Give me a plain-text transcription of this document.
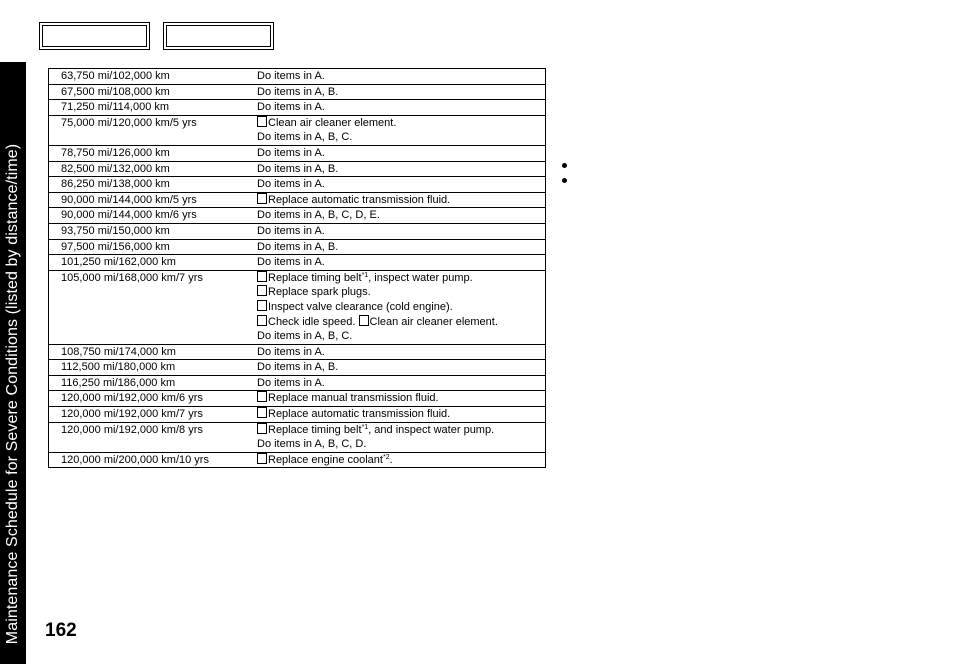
Maintenance Schedule for Severe Conditions (listed by distance/time)
63,750 mi/102,000 km	Do items in A.

67,500 mi/108,000 km	Do items in A, B.

71,250 mi/114,000 km	Do items in A.

75,000 mi/120,000 km/5 yrs	Clean air cleaner element.
Do items in A, B, C.

78,750 mi/126,000 km	Do items in A.

82,500 mi/132,000 km	Do items in A, B.

86,250 mi/138,000 km	Do items in A.

90,000 mi/144,000 km/5 yrs	Replace automatic transmission fluid.

90,000 mi/144,000 km/6 yrs	Do items in A, B, C, D, E.

93,750 mi/150,000 km	Do items in A.

97,500 mi/156,000 km	Do items in A, B.

101,250 mi/162,000 km	Do items in A.

105,000 mi/168,000 km/7 yrs	Replace timing belt$^{*1}$, inspect water pump.
Replace spark plugs.
Inspect valve clearance (cold engine).
Check idle speed. Clean air cleaner element.
Do items in A, B, C.

108,750 mi/174,000 km	Do items in A.

112,500 mi/180,000 km	Do items in A, B.

116,250 mi/186,000 km	Do items in A.

120,000 mi/192,000 km/6 yrs	Replace manual transmission fluid.

120,000 mi/192,000 km/7 yrs	Replace automatic transmission fluid.

120,000 mi/192,000 km/8 yrs	Replace timing belt$^{*1}$, and inspect water pump.
Do items in A, B, C, D.

120,000 mi/200,000 km/10 yrs	Replace engine coolant$^{*2}$.
162
